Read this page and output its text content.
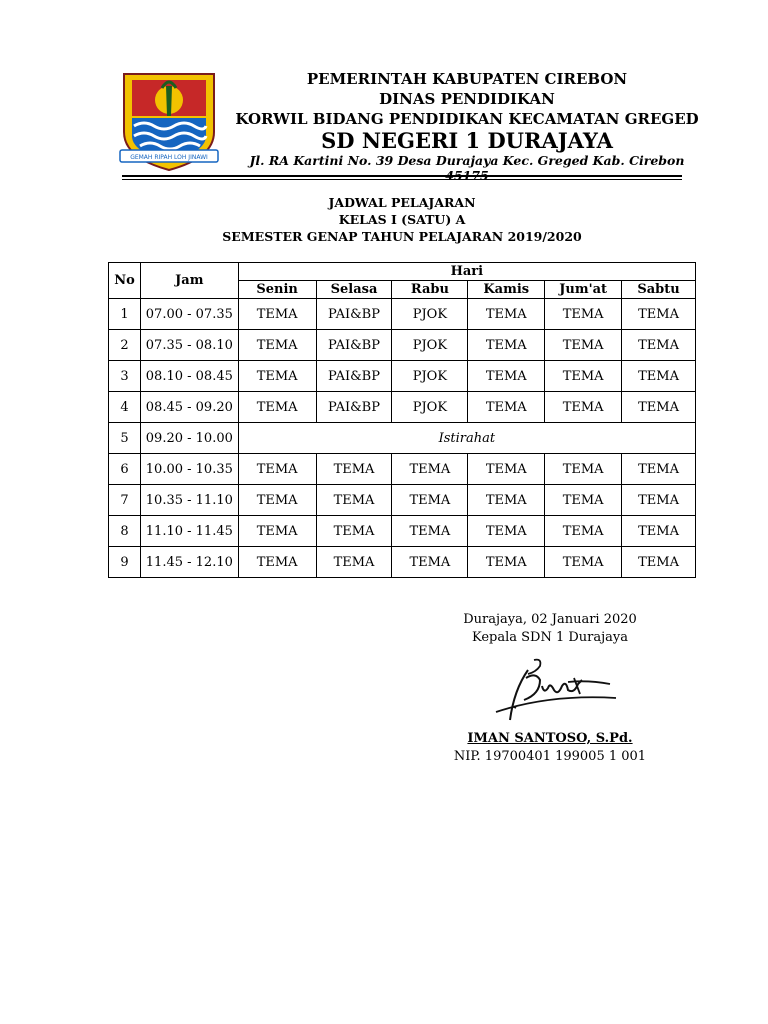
GEMAH RIPAH LOH JINAWI
PEMERINTAH KABUPATEN CIREBON
DINAS PENDIDIKAN
KORWIL BIDANG PENDIDIKAN KECAMATAN GREGED
SD NEGERI 1 DURAJAYA
Jl. RA Kartini No. 39 Desa Durajaya Kec. Greged Kab. Cirebon 45175
JADWAL PELAJARAN
KELAS I (SATU) A
SEMESTER GENAP TAHUN PELAJARAN 2019/2020
No	Jam	Hari					
		Senin	Selasa	Rabu	Kamis	Jum'at	Sabtu
1	07.00 - 07.35	TEMA	PAI&BP	PJOK	TEMA	TEMA	TEMA
2	07.35 - 08.10	TEMA	PAI&BP	PJOK	TEMA	TEMA	TEMA
3	08.10 - 08.45	TEMA	PAI&BP	PJOK	TEMA	TEMA	TEMA
4	08.45 - 09.20	TEMA	PAI&BP	PJOK	TEMA	TEMA	TEMA
5	09.20 - 10.00	Istirahat					
6	10.00 - 10.35	TEMA	TEMA	TEMA	TEMA	TEMA	TEMA
7	10.35 - 11.10	TEMA	TEMA	TEMA	TEMA	TEMA	TEMA
8	11.10 - 11.45	TEMA	TEMA	TEMA	TEMA	TEMA	TEMA
9	11.45 - 12.10	TEMA	TEMA	TEMA	TEMA	TEMA	TEMA
Durajaya, 02 Januari 2020
Kepala SDN 1 Durajaya
IMAN SANTOSO, S.Pd.
NIP. 19700401 199005 1 001
